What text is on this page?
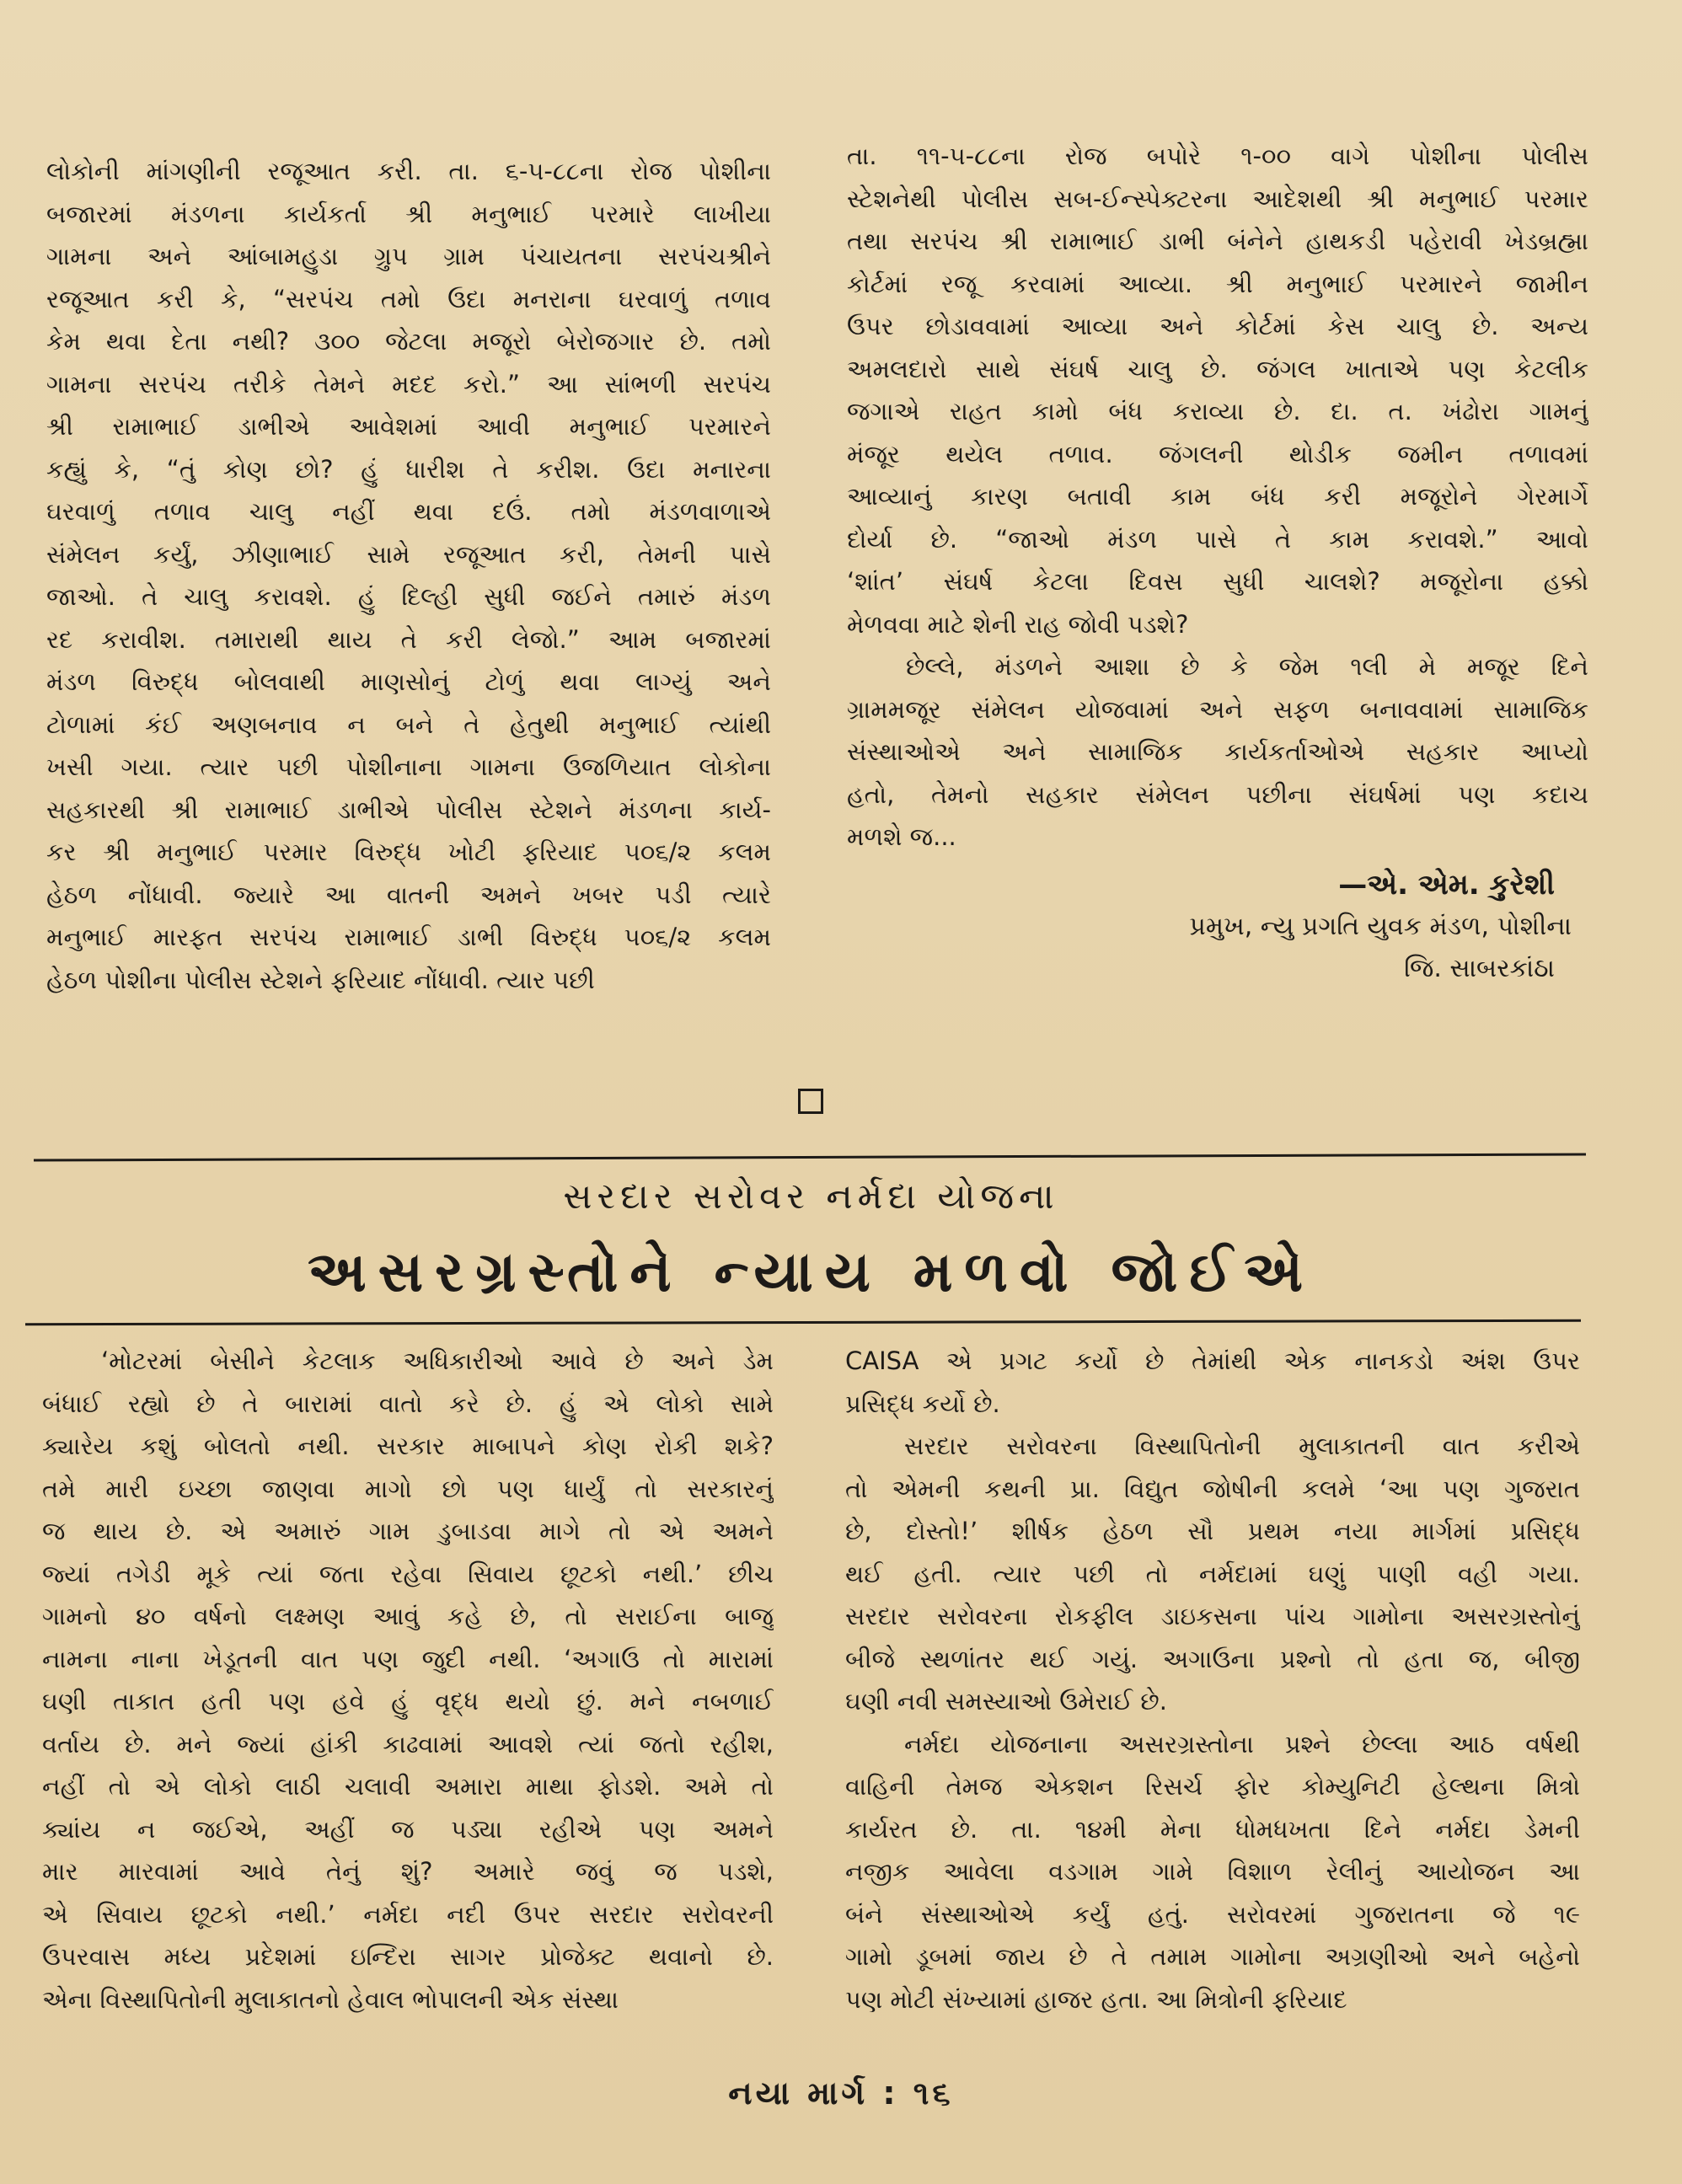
લોકોની માંગણીની રજૂઆત કરી. તા. ૬-૫-૮૮ના રોજ પોશીના
બજારમાં મંડળના કાર્યકર્તા શ્રી મનુભાઈ પરમારે લાખીયા
ગામના અને આંબામહુડા ગ્રુપ ગ્રામ પંચાયતના સરપંચશ્રીને
રજૂઆત કરી કે, “સરપંચ તમો ઉદા મનરાના ઘરવાળું તળાવ
કેમ થવા દેતા નથી? ૩૦૦ જેટલા મજૂરો બેરોજગાર છે. તમો
ગામના સરપંચ તરીકે તેમને મદદ કરો.” આ સાંભળી સરપંચ
શ્રી રામાભાઈ ડાભીએ આવેશમાં આવી મનુભાઈ પરમારને
કહ્યું કે, “તું કોણ છો? હું ધારીશ તે કરીશ. ઉદા મનારના
ઘરવાળું તળાવ ચાલુ નહીં થવા દઉં. તમો મંડળવાળાએ
સંમેલન કર્યું, ઝીણાભાઈ સામે રજૂઆત કરી, તેમની પાસે
જાઓ. તે ચાલુ કરાવશે. હું દિલ્હી સુધી જઈને તમારું મંડળ
રદ કરાવીશ. તમારાથી થાય તે કરી લેજો.” આમ બજારમાં
મંડળ વિરુદ્ધ બોલવાથી માણસોનું ટોળું થવા લાગ્યું અને
ટોળામાં કંઈ અણબનાવ ન બને તે હેતુથી મનુભાઈ ત્યાંથી
ખસી ગયા. ત્યાર પછી પોશીનાના ગામના ઉજળિયાત લોકોના
સહકારથી શ્રી રામાભાઈ ડાભીએ પોલીસ સ્ટેશને મંડળના કાર્ય-
કર શ્રી મનુભાઈ પરમાર વિરુદ્ધ ખોટી ફરિયાદ ૫૦૬/૨ કલમ
હેઠળ નોંધાવી. જ્યારે આ વાતની અમને ખબર પડી ત્યારે
મનુભાઈ મારફત સરપંચ રામાભાઈ ડાભી વિરુદ્ધ ૫૦૬/૨ કલમ
હેઠળ પોશીના પોલીસ સ્ટેશને ફરિયાદ નોંધાવી. ત્યાર પછી
તા. ૧૧-૫-૮૮ના રોજ બપોરે ૧-૦૦ વાગે પોશીના પોલીસ
સ્ટેશનેથી પોલીસ સબ-ઈન્સ્પેક્ટરના આદેશથી શ્રી મનુભાઈ પરમાર
તથા સરપંચ શ્રી રામાભાઈ ડાભી બંનેને હાથકડી પહેરાવી ખેડબ્રહ્મા
કોર્ટમાં રજૂ કરવામાં આવ્યા. શ્રી મનુભાઈ પરમારને જામીન
ઉપર છોડાવવામાં આવ્યા અને કોર્ટમાં કેસ ચાલુ છે. અન્ય
અમલદારો સાથે સંઘર્ષ ચાલુ છે. જંગલ ખાતાએ પણ કેટલીક
જગાએ રાહત કામો બંધ કરાવ્યા છે. દા. ત. ખંઢોરા ગામનું
મંજૂર થયેલ તળાવ. જંગલની થોડીક જમીન તળાવમાં
આવ્યાનું કારણ બતાવી કામ બંધ કરી મજૂરોને ગેરમાર્ગે
દોર્યા છે. “જાઓ મંડળ પાસે તે કામ કરાવશે.” આવો
‘શાંત’ સંઘર્ષ કેટલા દિવસ સુધી ચાલશે? મજૂરોના હક્કો
મેળવવા માટે શેની રાહ જોવી પડશે?
છેલ્લે, મંડળને આશા છે કે જેમ ૧લી મે મજૂર દિને
ગ્રામમજૂર સંમેલન યોજવામાં અને સફળ બનાવવામાં સામાજિક
સંસ્થાઓએ અને સામાજિક કાર્યકર્તાઓએ સહકાર આપ્યો
હતો, તેમનો સહકાર સંમેલન પછીના સંઘર્ષમાં પણ કદાચ
મળશે જ...
—એ. એમ. કુરેશી
પ્રમુખ, ન્યુ પ્રગતિ યુવક મંડળ, પોશીના
જિ. સાબરકાંઠા
સરદાર સરોવર નર્મદા યોજના
અસરગ્રસ્તોને ન્યાય મળવો જોઈએ
‘મોટરમાં બેસીને કેટલાક અધિકારીઓ આવે છે અને ડેમ
બંધાઈ રહ્યો છે તે બારામાં વાતો કરે છે. હું એ લોકો સામે
ક્યારેય કશું બોલતો નથી. સરકાર માબાપને કોણ રોકી શકે?
તમે મારી ઇચ્છા જાણવા માગો છો પણ ધાર્યું તો સરકારનું
જ થાય છે. એ અમારું ગામ ડુબાડવા માગે તો એ અમને
જ્યાં તગેડી મૂકે ત્યાં જતા રહેવા સિવાય છૂટકો નથી.’ છીચ
ગામનો ૪૦ વર્ષનો લક્ષ્મણ આવું કહે છે, તો સરાઈના બાજુ
નામના નાના ખેડૂતની વાત પણ જુદી નથી. ‘અગાઉ તો મારામાં
ઘણી તાકાત હતી પણ હવે હું વૃદ્ધ થયો છું. મને નબળાઈ
વર્તાય છે. મને જ્યાં હાંકી કાઢવામાં આવશે ત્યાં જતો રહીશ,
નહીં તો એ લોકો લાઠી ચલાવી અમારા માથા ફોડશે. અમે તો
ક્યાંય ન જઈએ, અહીં જ પડ્યા રહીએ પણ અમને
માર મારવામાં આવે તેનું શું? અમારે જવું જ પડશે,
એ સિવાય છૂટકો નથી.’ નર્મદા નદી ઉપર સરદાર સરોવરની
ઉપરવાસ મધ્ય પ્રદેશમાં ઇન્દિરા સાગર પ્રોજેક્ટ થવાનો છે.
એના વિસ્થાપિતોની મુલાકાતનો હેવાલ ભોપાલની એક સંસ્થા
CAISA એ પ્રગટ કર્યો છે તેમાંથી એક નાનકડો અંશ ઉપર
પ્રસિદ્ધ કર્યો છે.
સરદાર સરોવરના વિસ્થાપિતોની મુલાકાતની વાત કરીએ
તો એમની કથની પ્રા. વિદ્યુત જોષીની કલમે ‘આ પણ ગુજરાત
છે, દોસ્તો!’ શીર્ષક હેઠળ સૌ પ્રથમ નયા માર્ગમાં પ્રસિદ્ધ
થઈ હતી. ત્યાર પછી તો નર્મદામાં ઘણું પાણી વહી ગયા.
સરદાર સરોવરના રોકફીલ ડાઇકસના પાંચ ગામોના અસરગ્રસ્તોનું
બીજે સ્થળાંતર થઈ ગયું. અગાઉના પ્રશ્નો તો હતા જ, બીજી
ઘણી નવી સમસ્યાઓ ઉમેરાઈ છે.
નર્મદા યોજનાના અસરગ્રસ્તોના પ્રશ્ને છેલ્લા આઠ વર્ષથી
વાહિની તેમજ એકશન રિસર્ચ ફોર કોમ્યુનિટી હેલ્થના મિત્રો
કાર્યરત છે. તા. ૧૪મી મેના ધોમધખતા દિને નર્મદા ડેમની
નજીક આવેલા વડગામ ગામે વિશાળ રેલીનું આયોજન આ
બંને સંસ્થાઓએ કર્યું હતું. સરોવરમાં ગુજરાતના જે ૧૯
ગામો ડૂબમાં જાય છે તે તમામ ગામોના અગ્રણીઓ અને બહેનો
પણ મોટી સંખ્યામાં હાજર હતા. આ મિત્રોની ફરિયાદ
નયા માર્ગ : ૧૬
